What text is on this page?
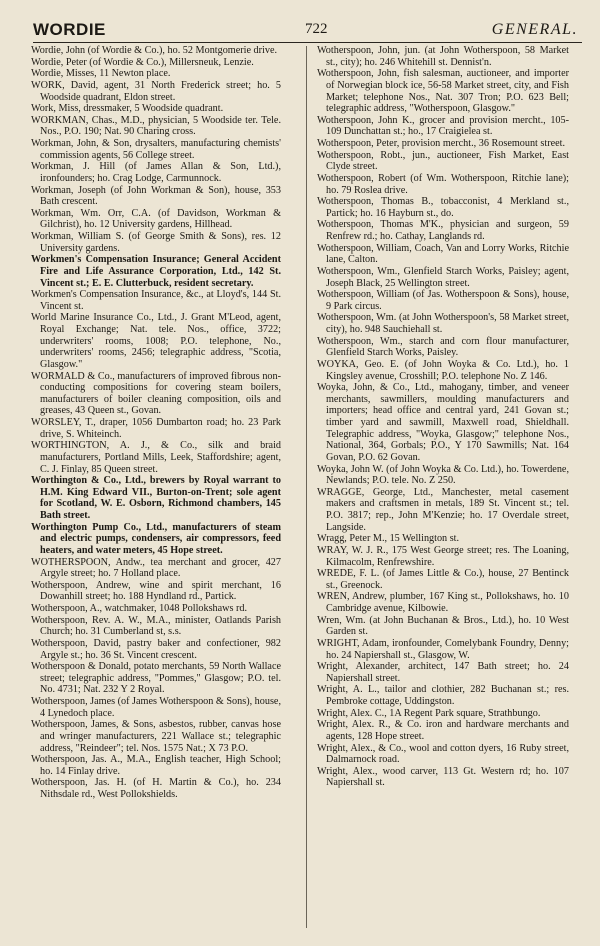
WORDIE	722	GENERAL.
Wordie, John (of Wordie & Co.), ho. 52 Montgomerie drive.
Wordie, Peter (of Wordie & Co.), Millersneuk, Lenzie.
Wordie, Misses, 11 Newton place.
WORK, David, agent, 31 North Frederick street; ho. 5 Woodside quadrant, Eldon street.
Work, Miss, dressmaker, 5 Woodside quadrant.
WORKMAN, Chas., M.D., physician, 5 Woodside ter. Tele. Nos., P.O. 190; Nat. 90 Charing cross.
Workman, John, & Son, drysalters, manufacturing chemists' commission agents, 56 College street.
Workman, J. Hill (of James Allan & Son, Ltd.), ironfounders; ho. Crag Lodge, Carmunnock.
Workman, Joseph (of John Workman & Son), house, 353 Bath crescent.
Workman, Wm. Orr, C.A. (of Davidson, Workman & Gilchrist), ho. 12 University gardens, Hillhead.
Workman, William S. (of George Smith & Sons), res. 12 University gardens.
Workmen's Compensation Insurance; General Accident Fire and Life Assurance Corporation, Ltd., 142 St. Vincent st.; E. E. Clutterbuck, resident secretary.
Workmen's Compensation Insurance, &c., at Lloyd's, 144 St. Vincent st.
World Marine Insurance Co., Ltd., J. Grant M'Leod, agent, Royal Exchange; Nat. tele. Nos., office, 3722; underwriters' rooms, 1008; P.O. telephone, No., underwriters' rooms, 2456; telegraphic address, "Scotia, Glasgow."
WORMALD & Co., manufacturers of improved fibrous non-conducting compositions for covering steam boilers, manufacturers of boiler cleaning composition, oils and greases, 43 Queen st., Govan.
WORSLEY, T., draper, 1056 Dumbarton road; ho. 23 Park drive, S. Whiteinch.
WORTHINGTON, A. J., & Co., silk and braid manufacturers, Portland Mills, Leek, Staffordshire; agent, C. J. Finlay, 85 Queen street.
Worthington & Co., Ltd., brewers by Royal warrant to H.M. King Edward VII., Burton-on-Trent; sole agent for Scotland, W. E. Osborn, Richmond chambers, 145 Bath street.
Worthington Pump Co., Ltd., manufacturers of steam and electric pumps, condensers, air compressors, feed heaters, and water meters, 45 Hope street.
WOTHERSPOON, Andw., tea merchant and grocer, 427 Argyle street; ho. 7 Holland place.
Wotherspoon, Andrew, wine and spirit merchant, 16 Dowanhill street; ho. 188 Hyndland rd., Partick.
Wotherspoon, A., watchmaker, 1048 Pollokshaws rd.
Wotherspoon, Rev. A. W., M.A., minister, Oatlands Parish Church; ho. 31 Cumberland st, s.s.
Wotherspoon, David, pastry baker and confectioner, 982 Argyle st.; ho. 36 St. Vincent crescent.
Wotherspoon & Donald, potato merchants, 59 North Wallace street; telegraphic address, "Pommes," Glasgow; P.O. tel. No. 4731; Nat. 232 Y 2 Royal.
Wotherspoon, James (of James Wotherspoon & Sons), house, 4 Lynedoch place.
Wotherspoon, James, & Sons, asbestos, rubber, canvas hose and wringer manufacturers, 221 Wallace st.; telegraphic address, "Reindeer"; tel. Nos. 1575 Nat.; X 73 P.O.
Wotherspoon, Jas. A., M.A., English teacher, High School; ho. 14 Finlay drive.
Wotherspoon, Jas. H. (of H. Martin & Co.), ho. 234 Nithsdale rd., West Pollokshields.
Wotherspoon, John, jun. (at John Wotherspoon, 58 Market st., city); ho. 246 Whitehill st. Dennist'n.
Wotherspoon, John, fish salesman, auctioneer, and importer of Norwegian block ice, 56-58 Market street, city, and Fish Market; telephone Nos., Nat. 307 Tron; P.O. 623 Bell; telegraphic address, "Wotherspoon, Glasgow."
Wotherspoon, John K., grocer and provision mercht., 105-109 Dunchattan st.; ho., 17 Craigielea st.
Wotherspoon, Peter, provision mercht., 36 Rosemount street.
Wotherspoon, Robt., jun., auctioneer, Fish Market, East Clyde street.
Wotherspoon, Robert (of Wm. Wotherspoon, Ritchie lane); ho. 79 Roslea drive.
Wotherspoon, Thomas B., tobacconist, 4 Merkland st., Partick; ho. 16 Hayburn st., do.
Wotherspoon, Thomas M'K., physician and surgeon, 59 Renfrew rd.; ho. Cathay, Langlands rd.
Wotherspoon, William, Coach, Van and Lorry Works, Ritchie lane, Calton.
Wotherspoon, Wm., Glenfield Starch Works, Paisley; agent, Joseph Black, 25 Wellington street.
Wotherspoon, William (of Jas. Wotherspoon & Sons), house, 9 Park circus.
Wotherspoon, Wm. (at John Wotherspoon's, 58 Market street, city), ho. 948 Sauchiehall st.
Wotherspoon, Wm., starch and corn flour manufacturer, Glenfield Starch Works, Paisley.
WOYKA, Geo. E. (of John Woyka & Co. Ltd.), ho. 1 Kingsley avenue, Crosshill; P.O. telephone No. Z 146.
Woyka, John, & Co., Ltd., mahogany, timber, and veneer merchants, sawmillers, moulding manufacturers and importers; head office and central yard, 241 Govan st.; timber yard and sawmill, Maxwell road, Shieldhall. Telegraphic address, "Woyka, Glasgow;" telephone Nos., National, 364, Gorbals; P.O., Y 170 Sawmills; Nat. 164 Govan, P.O. 62 Govan.
Woyka, John W. (of John Woyka & Co. Ltd.), ho. Towerdene, Newlands; P.O. tele. No. Z 250.
WRAGGE, George, Ltd., Manchester, metal casement makers and craftsmen in metals, 189 St. Vincent st.; tel. P.O. 3817; rep., John M'Kenzie; ho. 17 Overdale street, Langside.
Wragg, Peter M., 15 Wellington st.
WRAY, W. J. R., 175 West George street; res. The Loaning, Kilmacolm, Renfrewshire.
WREDE, F. L. (of James Little & Co.), house, 27 Bentinck st., Greenock.
WREN, Andrew, plumber, 167 King st., Pollokshaws, ho. 10 Cambridge avenue, Kilbowie.
Wren, Wm. (at John Buchanan & Bros., Ltd.), ho. 10 West Garden st.
WRIGHT, Adam, ironfounder, Comelybank Foundry, Denny; ho. 24 Napiershall st., Glasgow, W.
Wright, Alexander, architect, 147 Bath street; ho. 24 Napiershall street.
Wright, A. L., tailor and clothier, 282 Buchanan st.; res. Pembroke cottage, Uddingston.
Wright, Alex. C., 1A Regent Park square, Strathbungo.
Wright, Alex. R., & Co. iron and hardware merchants and agents, 128 Hope street.
Wright, Alex., & Co., wool and cotton dyers, 16 Ruby street, Dalmarnock road.
Wright, Alex., wood carver, 113 Gt. Western rd; ho. 107 Napiershall st.
